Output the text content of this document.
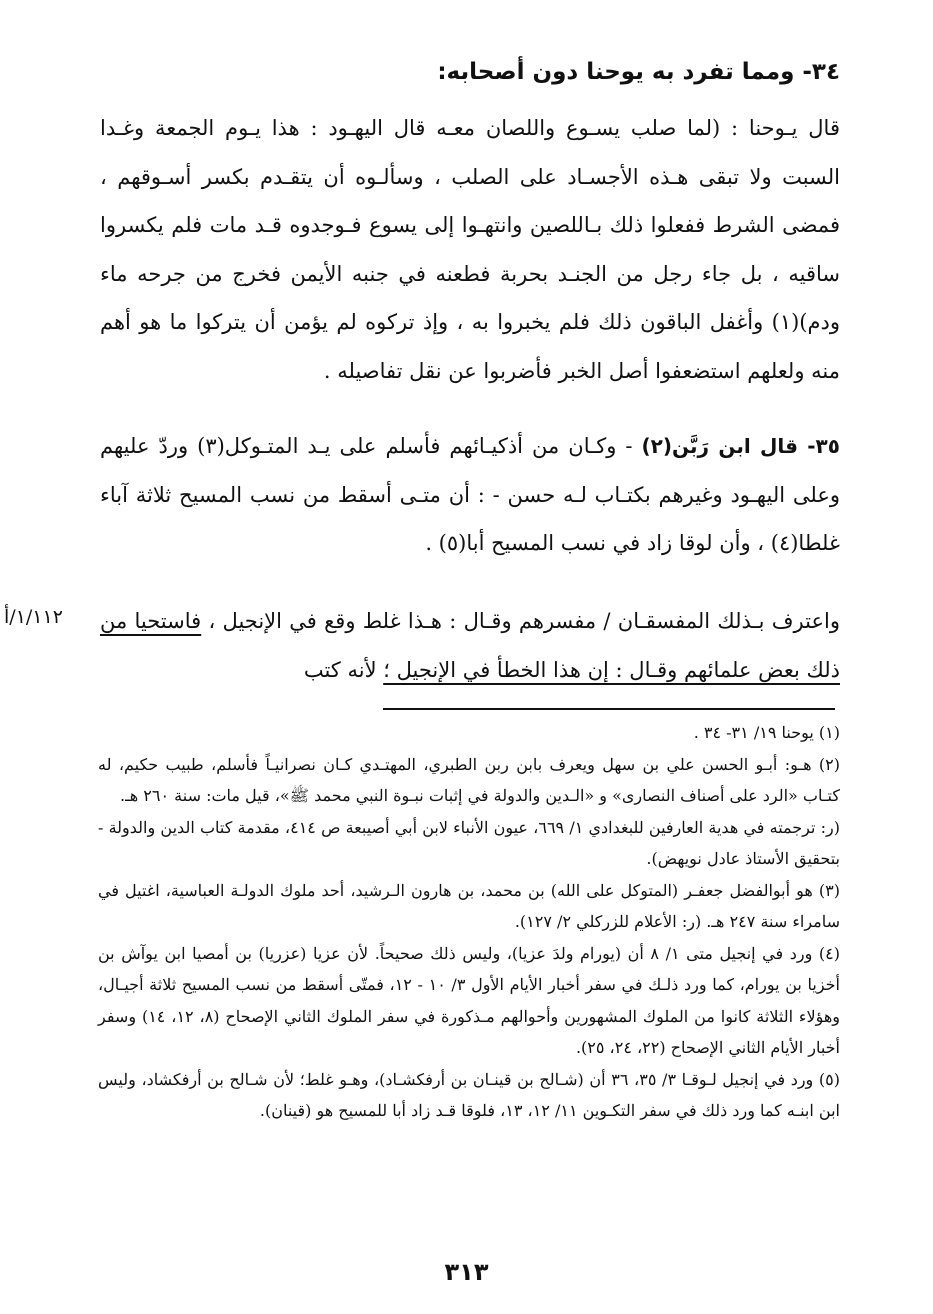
٣٤- ومما تفرد به يوحنا دون أصحابه:

قال يـوحنا : (لما صلب يسـوع واللصان معـه قال اليهـود : هذا يـوم الجمعة وغـدا السبت ولا تبقى هـذه الأجسـاد على الصلب ، وسألـوه أن يتقـدم بكسر أسـوقهم ، فمضى الشرط ففعلوا ذلك بـاللصين وانتهـوا إلى يسوع فـوجدوه قـد مات فلم يكسروا ساقيه ، بل جاء رجل من الجنـد بحربة فطعنه في جنبه الأيمن فخرج من جرحه ماء ودم)(١) وأغفل الباقون ذلك فلم يخبروا به ، وإذ تركوه لم يؤمن أن يتركوا ما هو أهم منه ولعلهم استضعفوا أصل الخبر فأضربوا عن نقل تفاصيله .

٣٥- قال ابن رَبَّن(٢) - وكـان من أذكيـائهم فأسلم على يـد المتـوكل(٣) وردّ عليهم وعلى اليهـود وغيرهم بكتـاب لـه حسن - : أن متـى أسقط من نسب المسيح ثلاثة آباء غلطا(٤) ، وأن لوقا زاد في نسب المسيح أبا(٥) .

واعترف بـذلك المفسقـان / مفسرهم وقـال : هـذا غلط وقع في الإنجيل ، فاستحيا من ذلك بعض علمائهم وقـال : إن هذا الخطأ في الإنجيل ؛ لأنه كتب

١/١١٢/أ

(١) يوحنا ١٩/ ٣١- ٣٤ .

(٢) هـو: أبـو الحسن علي بن سهل ويعرف بابن ربن الطبري، المهتـدي كـان نصرانيـاً فأسلم، طبيب حكيم، له كتـاب «الرد على أصناف النصارى» و «الـدين والدولة في إثبات نبـوة النبي محمد ﷺ»، قيل مات: سنة ٢٦٠ هـ.

(ر: ترجمته في هدية العارفين للبغدادي ١/ ٦٦٩، عيون الأنباء لابن أبي أصيبعة ص ٤١٤، مقدمة كتاب الدين والدولة - بتحقيق الأستاذ عادل نويهض).

(٣) هو أبوالفضل جعفـر (المتوكل على الله) بن محمد، بن هارون الـرشيد، أحد ملوك الدولـة العباسية، اغتيل في سامراء سنة ٢٤٧ هـ. (ر: الأعلام للزركلي ٢/ ١٢٧).

(٤) ورد في إنجيل متى ١/ ٨ أن (يورام ولدَ عزيا)، وليس ذلك صحيحاً. لأن عزيا (عزريا) بن أمصيا ابن يوآش بن أخزيا بن يورام، كما ورد ذلـك في سفر أخبار الأيام الأول ٣/ ١٠ - ١٢، فمتّى أسقط من نسب المسيح ثلاثة أجيـال، وهؤلاء الثلاثة كانوا من الملوك المشهورين وأحوالهم مـذكورة في سفر الملوك الثاني الإصحاح (٨، ١٢، ١٤) وسفر أخبار الأيام الثاني الإصحاح (٢٢، ٢٤، ٢٥).

(٥) ورد في إنجيل لـوقـا ٣/ ٣٥، ٣٦ أن (شـالح بن قينـان بن أرفكشـاد)، وهـو غلط؛ لأن شـالح بن أرفكشاد، وليس ابن ابنـه كما ورد ذلك في سفر التكـوين ١١/ ١٢، ١٣، فلوقا قـد زاد أبا للمسيح هو (قينان).

٣١٣
